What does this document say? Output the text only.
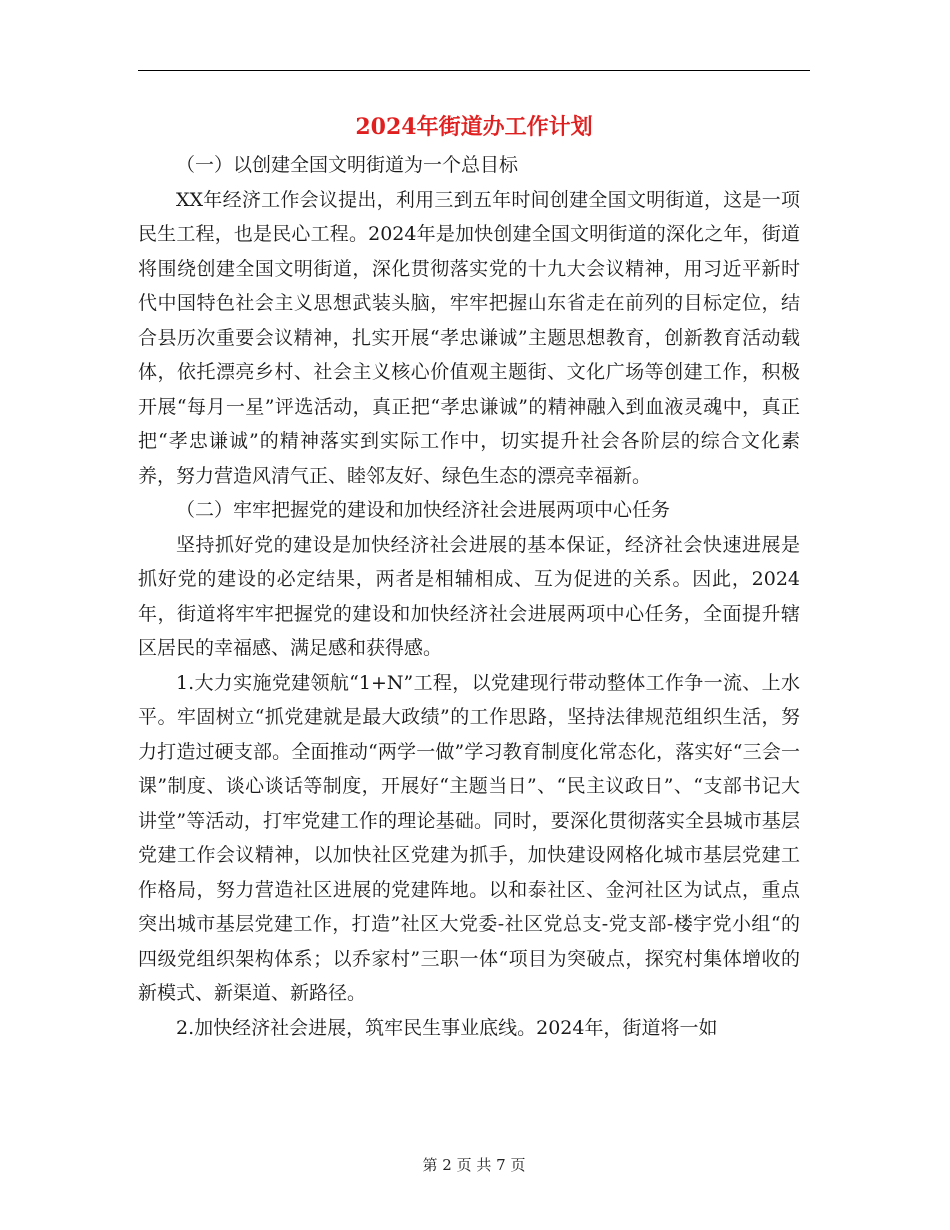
2024年街道办工作计划

（一）以创建全国文明街道为一个总目标

XX年经济工作会议提出，利用三到五年时间创建全国文明街道，这是一项民生工程，也是民心工程。2024年是加快创建全国文明街道的深化之年，街道将围绕创建全国文明街道，深化贯彻落实党的十九大会议精神，用习近平新时代中国特色社会主义思想武装头脑，牢牢把握山东省走在前列的目标定位，结合县历次重要会议精神，扎实开展“孝忠谦诚”主题思想教育，创新教育活动载体，依托漂亮乡村、社会主义核心价值观主题街、文化广场等创建工作，积极开展“每月一星”评选活动，真正把“孝忠谦诚”的精神融入到血液灵魂中，真正把“孝忠谦诚”的精神落实到实际工作中，切实提升社会各阶层的综合文化素养，努力营造风清气正、睦邻友好、绿色生态的漂亮幸福新。

（二）牢牢把握党的建设和加快经济社会进展两项中心任务

坚持抓好党的建设是加快经济社会进展的基本保证，经济社会快速进展是抓好党的建设的必定结果，两者是相辅相成、互为促进的关系。因此，2024年，街道将牢牢把握党的建设和加快经济社会进展两项中心任务，全面提升辖区居民的幸福感、满足感和获得感。

1.大力实施党建领航“1+N”工程，以党建现行带动整体工作争一流、上水平。牢固树立“抓党建就是最大政绩”的工作思路，坚持法律规范组织生活，努力打造过硬支部。全面推动“两学一做”学习教育制度化常态化，落实好“三会一课”制度、谈心谈话等制度，开展好“主题当日”、“民主议政日”、“支部书记大讲堂”等活动，打牢党建工作的理论基础。同时，要深化贯彻落实全县城市基层党建工作会议精神，以加快社区党建为抓手，加快建设网格化城市基层党建工作格局，努力营造社区进展的党建阵地。以和泰社区、金河社区为试点，重点突出城市基层党建工作，打造”社区大党委-社区党总支-党支部-楼宇党小组“的四级党组织架构体系；以乔家村”三职一体“项目为突破点，探究村集体增收的新模式、新渠道、新路径。

2.加快经济社会进展，筑牢民生事业底线。2024年，街道将一如

第 2 页 共 7 页
